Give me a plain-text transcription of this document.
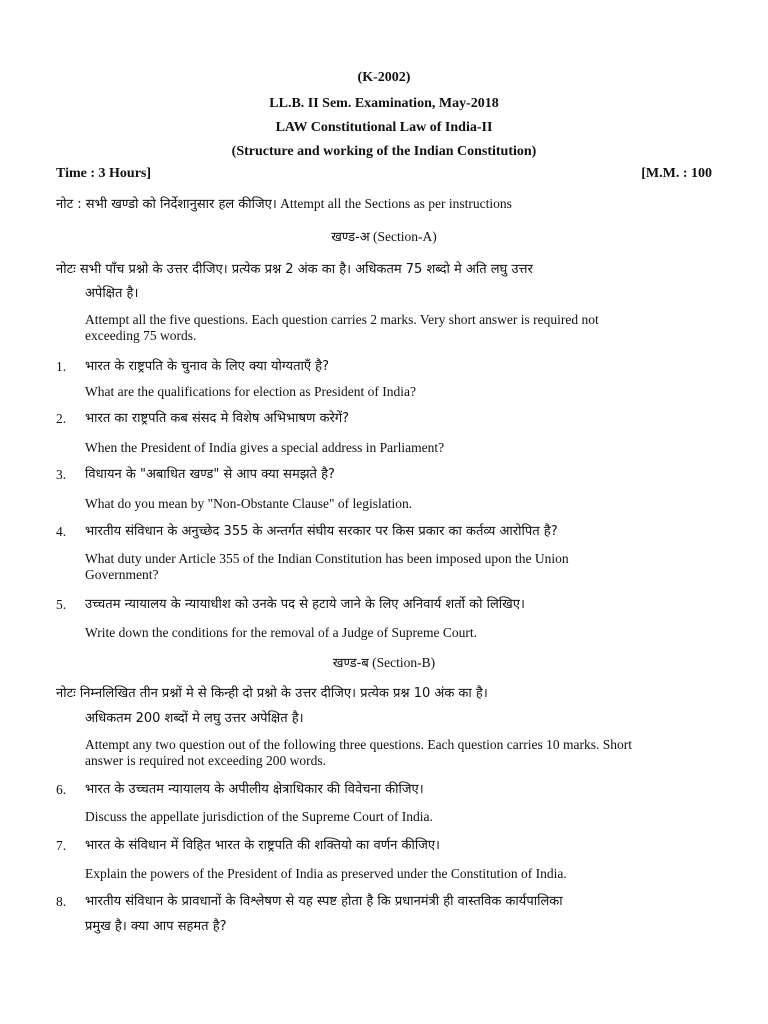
(K-2002)
LL.B. II Sem. Examination, May-2018
LAW Constitutional Law of India-II
(Structure and working of the Indian Constitution)
Time : 3 Hours]	[M.M. : 100
नोट : सभी खण्डो को निर्देशानुसार हल कीजिए। Attempt all the Sections as per instructions
खण्ड-अ (Section-A)
नोटः सभी पाँच प्रश्नो के उत्तर दीजिए। प्रत्येक प्रश्न 2 अंक का है। अधिकतम 75 शब्दो मे अति लघु उत्तर
अपेक्षित है।
Attempt all the five questions. Each question carries 2 marks. Very short answer is required not
exceeding 75 words.
1. भारत के राष्ट्रपति के चुनाव के लिए क्या योग्यताएँ है?
What are the qualifications for election as President of India?
2. भारत का राष्ट्रपति कब संसद मे विशेष अभिभाषण करेगें?
When the President of India gives a special address in Parliament?
3. विधायन के "अबाधित खण्ड" से आप क्या समझते है?
What do you mean by "Non-Obstante Clause" of legislation.
4. भारतीय संविधान के अनुच्छेद 355 के अन्तर्गत संघीय सरकार पर किस प्रकार का कर्तव्य आरोपित है?
What duty under Article 355 of the Indian Constitution has been imposed upon the Union
Government?
5. उच्चतम न्यायालय के न्यायाधीश को उनके पद से हटाये जाने के लिए अनिवार्य शर्तो को लिखिए।
Write down the conditions for the removal of a Judge of Supreme Court.
खण्ड-ब (Section-B)
नोटः निम्नलिखित तीन प्रश्नों मे से किन्ही दो प्रश्नो के उत्तर दीजिए। प्रत्येक प्रश्न 10 अंक का है।
अधिकतम 200 शब्दों मे लघु उत्तर अपेक्षित है।
Attempt any two question out of the following three questions. Each question carries 10 marks. Short
answer is required not exceeding 200 words.
6. भारत के उच्चतम न्यायालय के अपीलीय क्षेत्राधिकार की विवेचना कीजिए।
Discuss the appellate jurisdiction of the Supreme Court of India.
7. भारत के संविधान में विहित भारत के राष्ट्रपति की शक्तियो का वर्णन कीजिए।
Explain the powers of the President of India as preserved under the Constitution of India.
8. भारतीय संविधान के प्रावधानों के विश्लेषण से यह स्पष्ट होता है कि प्रधानमंत्री ही वास्तविक कार्यपालिका
प्रमुख है। क्या आप सहमत है?
